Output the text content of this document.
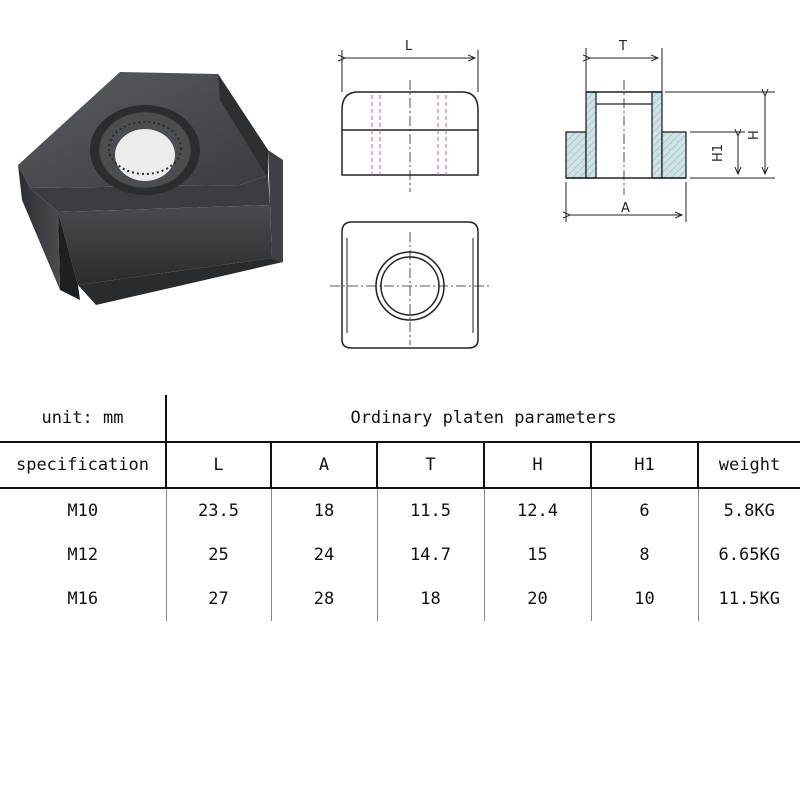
L	T
A
H1
H
unit: mm	Ordinary platen parameters					
specification	L	A	T	H	H1	weight
M10	23.5	18	11.5	12.4	6	5.8KG
M12	25	24	14.7	15	8	6.65KG
M16	27	28	18	20	10	11.5KG
